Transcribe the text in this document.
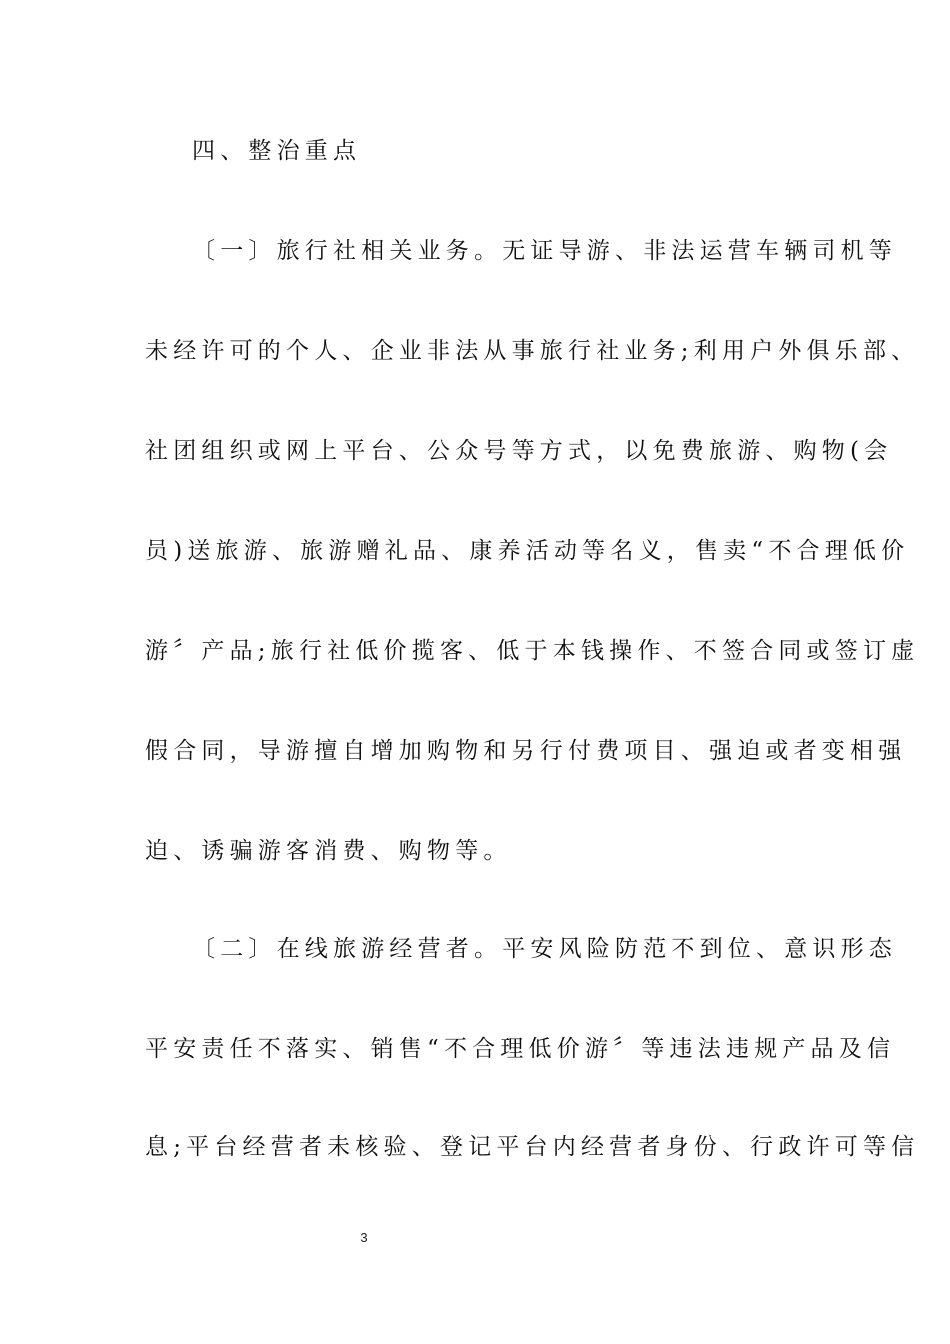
四、整治重点
〔一〕旅行社相关业务。无证导游、非法运营车辆司机等
未经许可的个人、企业非法从事旅行社业务;利用户外俱乐部、
社团组织或网上平台、公众号等方式，以免费旅游、购物(会
员)送旅游、旅游赠礼品、康养活动等名义，售卖“不合理低价
游〞产品;旅行社低价揽客、低于本钱操作、不签合同或签订虚
假合同，导游擅自增加购物和另行付费项目、强迫或者变相强
迫、诱骗游客消费、购物等。
〔二〕在线旅游经营者。平安风险防范不到位、意识形态
平安责任不落实、销售“不合理低价游〞等违法违规产品及信
息;平台经营者未核验、登记平台内经营者身份、行政许可等信
3
